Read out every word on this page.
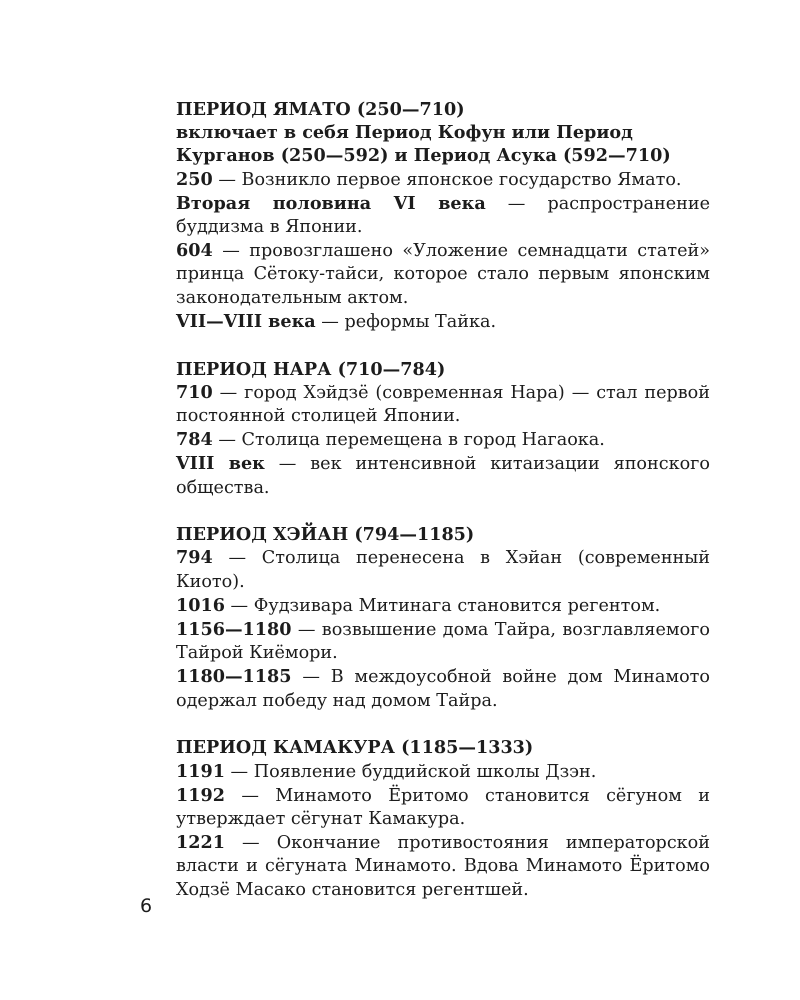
ПЕРИОД ЯМАТО (250—710)

включает в себя Период Кофун или Период

Курганов (250—592) и Период Асука (592—710)

250 — Возникло первое японское государство Ямато.

Вторая половина VI века — распространение буддизма в Японии.

604 — провозглашено «Уложение семнадцати статей» принца Сётоку-тайси, которое стало первым японским законодательным актом.

VII—VIII века — реформы Тайка.

ПЕРИОД НАРА (710—784)

710 — город Хэйдзё (современная Нара) — стал первой постоянной столицей Японии.

784 — Столица перемещена в город Нагаока.

VIII век — век интенсивной китаизации японского общества.

ПЕРИОД ХЭЙАН (794—1185)

794 — Столица перенесена в Хэйан (современный Киото).

1016 — Фудзивара Митинага становится регентом.

1156—1180 — возвышение дома Тайра, возглавляемого Тайрой Киёмори.

1180—1185 — В междоусобной войне дом Минамото одержал победу над домом Тайра.

ПЕРИОД КАМАКУРА (1185—1333)

1191 — Появление буддийской школы Дзэн.

1192 — Минамото Ёритомо становится сёгуном и утверждает сёгунат Камакура.

1221 — Окончание противостояния императорской власти и сёгуната Минамото. Вдова Минамото Ёритомо Ходзё Масако становится регентшей.

6
